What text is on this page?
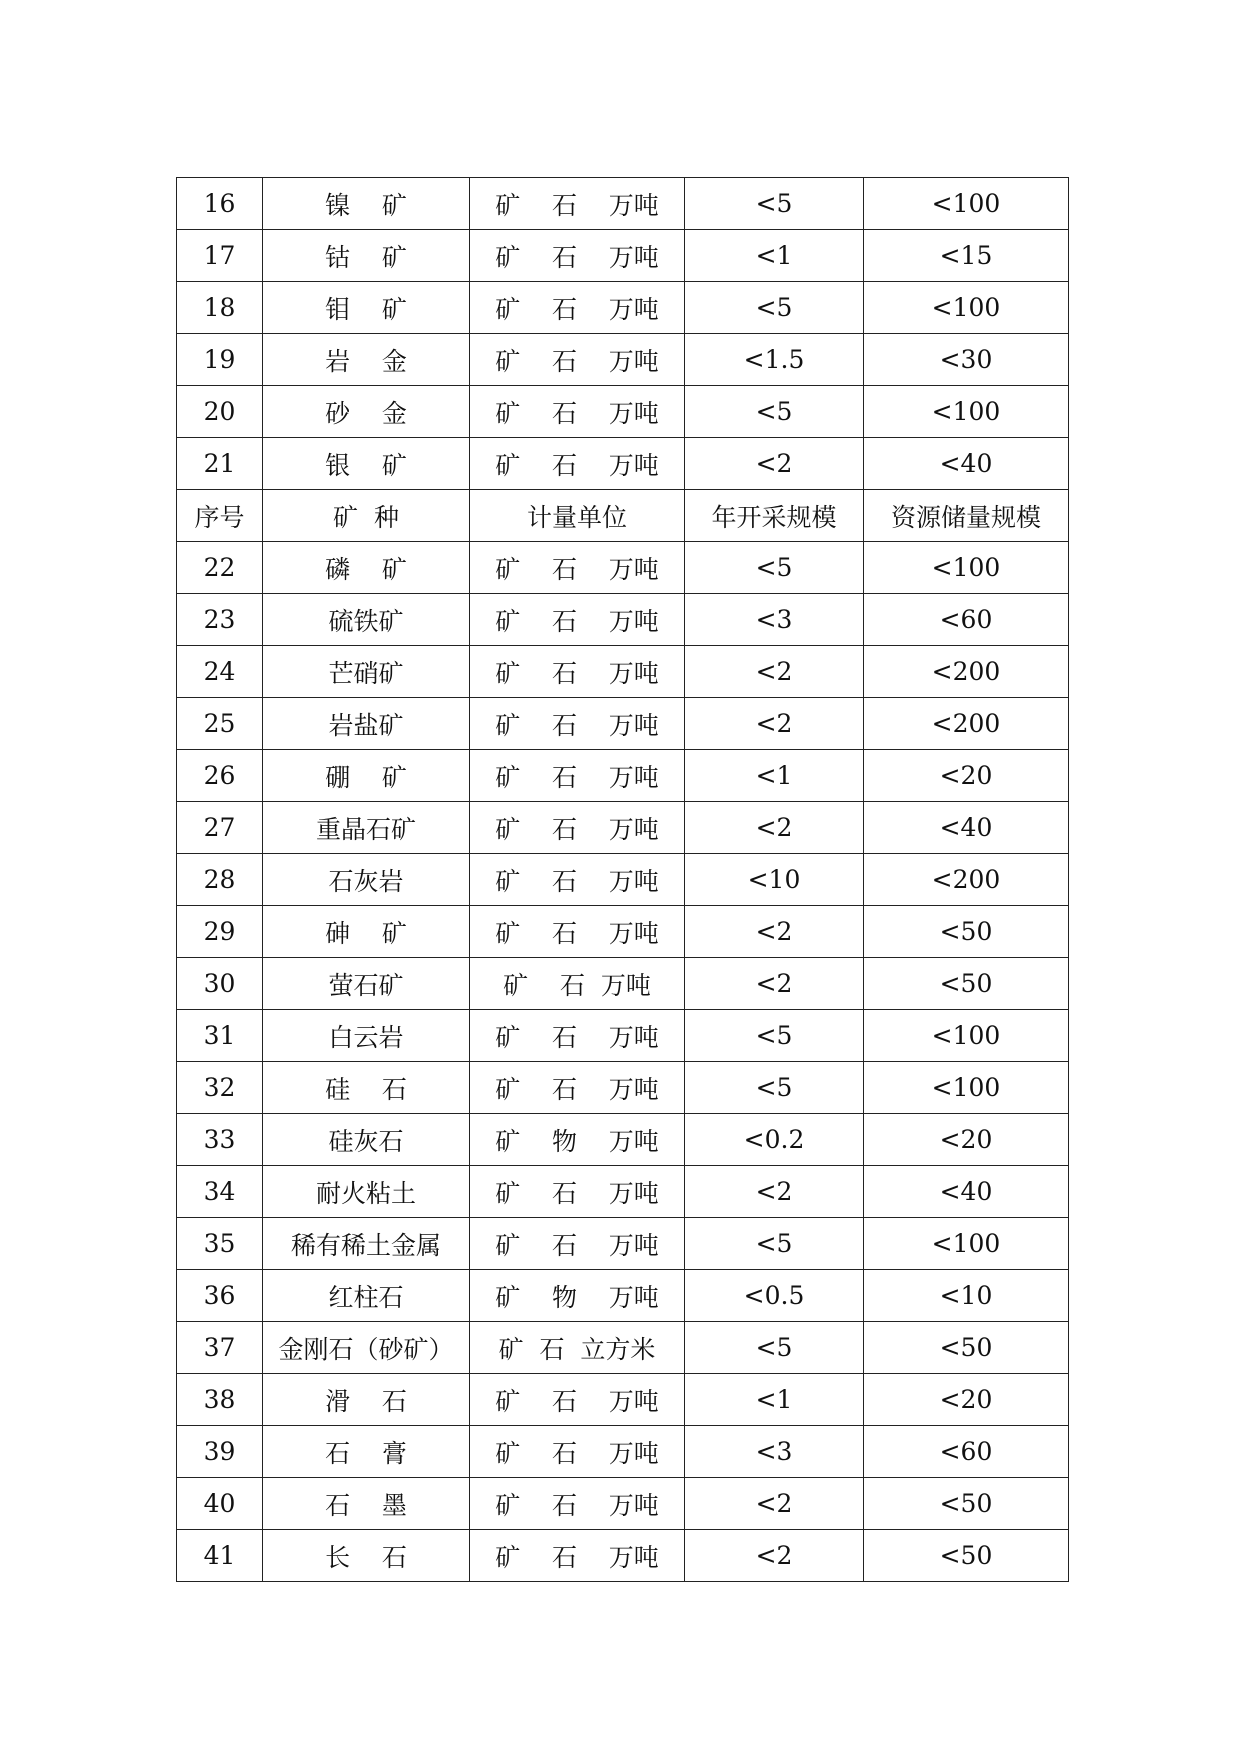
16	镍    矿	矿    石    万吨	<5	<100
17	钴    矿	矿    石    万吨	<1	<15
18	钼    矿	矿    石    万吨	<5	<100
19	岩    金	矿    石    万吨	<1.5	<30
20	砂    金	矿    石    万吨	<5	<100
21	银    矿	矿    石    万吨	<2	<40
序号	矿  种	计量单位	年开采规模	资源储量规模
22	磷    矿	矿    石    万吨	<5	<100
23	硫铁矿	矿    石    万吨	<3	<60
24	芒硝矿	矿    石    万吨	<2	<200
25	岩盐矿	矿    石    万吨	<2	<200
26	硼    矿	矿    石    万吨	<1	<20
27	重晶石矿	矿    石    万吨	<2	<40
28	石灰岩	矿    石    万吨	<10	<200
29	砷    矿	矿    石    万吨	<2	<50
30	萤石矿	矿    石  万吨	<2	<50
31	白云岩	矿    石    万吨	<5	<100
32	硅    石	矿    石    万吨	<5	<100
33	硅灰石	矿    物    万吨	<0.2	<20
34	耐火粘土	矿    石    万吨	<2	<40
35	稀有稀土金属	矿    石    万吨	<5	<100
36	红柱石	矿    物    万吨	<0.5	<10
37	金刚石（砂矿）	矿  石  立方米	<5	<50
38	滑    石	矿    石    万吨	<1	<20
39	石    膏	矿    石    万吨	<3	<60
40	石    墨	矿    石    万吨	<2	<50
41	长    石	矿    石    万吨	<2	<50
